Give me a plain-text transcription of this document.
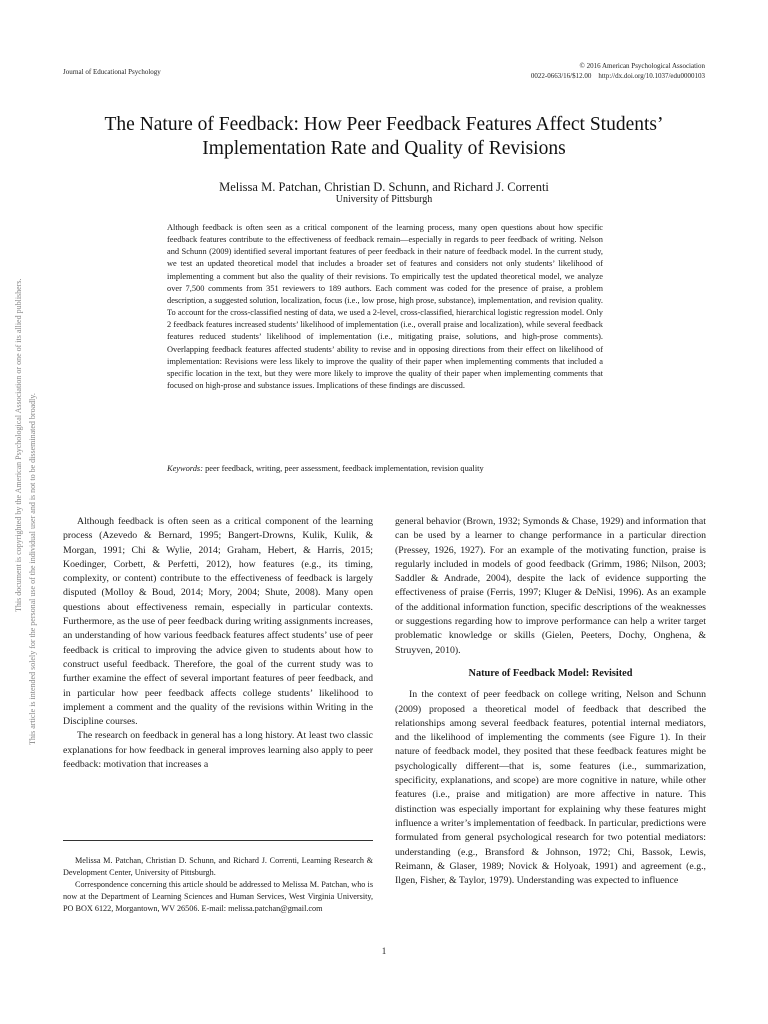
Journal of Educational Psychology
© 2016 American Psychological Association
0022-0663/16/$12.00    http://dx.doi.org/10.1037/edu0000103
The Nature of Feedback: How Peer Feedback Features Affect Students’
Implementation Rate and Quality of Revisions
Melissa M. Patchan, Christian D. Schunn, and Richard J. Correnti
University of Pittsburgh

Although feedback is often seen as a critical component of the learning process, many open questions about how specific feedback features contribute to the effectiveness of feedback remain—especially in regards to peer feedback of writing. Nelson and Schunn (2009) identified several important features of peer feedback in their nature of feedback model. In the current study, we test an updated theoretical model that includes a broader set of features and considers not only students’ likelihood of implementing a comment but also the quality of their revisions. To empirically test the updated theoretical model, we analyze over 7,500 comments from 351 reviewers to 189 authors. Each comment was coded for the presence of praise, a problem description, a suggested solution, localization, focus (i.e., low prose, high prose, substance), implementation, and revision quality. To account for the cross-classified nesting of data, we used a 2-level, cross-classified, hierarchical logistic regression model. Only 2 feedback features increased students’ likelihood of implementation (i.e., overall praise and localization), while several feedback features reduced students’ likelihood of implementation (i.e., mitigating praise, solutions, and high-prose comments). Overlapping feedback features affected students’ ability to revise and in opposing directions from their effect on likelihood of implementation: Revisions were less likely to improve the quality of their paper when implementing comments that included a specific location in the text, but they were more likely to improve the quality of their paper when implementing comments that focused on high-prose and substance issues. Implications of these findings are discussed.

Keywords: peer feedback, writing, peer assessment, feedback implementation, revision quality

Although feedback is often seen as a critical component of the learning process (Azevedo & Bernard, 1995; Bangert-Drowns, Kulik, Kulik, & Morgan, 1991; Chi & Wylie, 2014; Graham, Hebert, & Harris, 2015; Koedinger, Corbett, & Perfetti, 2012), how features (e.g., its timing, complexity, or content) contribute to the effectiveness of feedback is largely disputed (Molloy & Boud, 2014; Mory, 2004; Shute, 2008). Many open questions about effectiveness remain, especially in particular contexts. Furthermore, as the use of peer feedback during writing assignments increases, an understanding of how various feedback features affect students’ use of peer feedback is critical to improving the advice given to students about how to construct useful feedback. Therefore, the goal of the current study was to further examine the effect of several important features of peer feedback, and in particular how peer feedback affects college students’ likelihood to implement a comment and the quality of the revisions within Writing in the Discipline courses.

The research on feedback in general has a long history. At least two classic explanations for how feedback in general improves learning also apply to peer feedback: motivation that increases a

general behavior (Brown, 1932; Symonds & Chase, 1929) and information that can be used by a learner to change performance in a particular direction (Pressey, 1926, 1927). For an example of the motivating function, praise is regularly included in models of good feedback (Grimm, 1986; Nilson, 2003; Saddler & Andrade, 2004), despite the lack of evidence supporting the effectiveness of praise (Ferris, 1997; Kluger & DeNisi, 1996). As an example of the additional information function, specific descriptions of the weaknesses or suggestions regarding how to improve performance can help a writer target problematic knowledge or skills (Gielen, Peeters, Dochy, Onghena, & Struyven, 2010).

Nature of Feedback Model: Revisited

In the context of peer feedback on college writing, Nelson and Schunn (2009) proposed a theoretical model of feedback that described the relationships among several feedback features, potential internal mediators, and the likelihood of implementing the comments (see Figure 1). In their nature of feedback model, they posited that these feedback features might be psychologically different—that is, some features (i.e., summarization, specificity, explanations, and scope) are more cognitive in nature, while other features (i.e., praise and mitigation) are more affective in nature. This distinction was especially important for explaining why these features might influence a writer’s implementation of feedback. In particular, predictions were formulated from general psychological research for two potential mediators: understanding (e.g., Bransford & Johnson, 1972; Chi, Bassok, Lewis, Reimann, & Glaser, 1989; Novick & Holyoak, 1991) and agreement (e.g., Ilgen, Fisher, & Taylor, 1979). Understanding was expected to influence

Melissa M. Patchan, Christian D. Schunn, and Richard J. Correnti, Learning Research & Development Center, University of Pittsburgh.

Correspondence concerning this article should be addressed to Melissa M. Patchan, who is now at the Department of Learning Sciences and Human Services, West Virginia University, PO BOX 6122, Morgantown, WV 26506. E-mail: melissa.patchan@gmail.com

1
This document is copyrighted by the American Psychological Association or one of its allied publishers. This article is intended solely for the personal use of the individual user and is not to be disseminated broadly.
